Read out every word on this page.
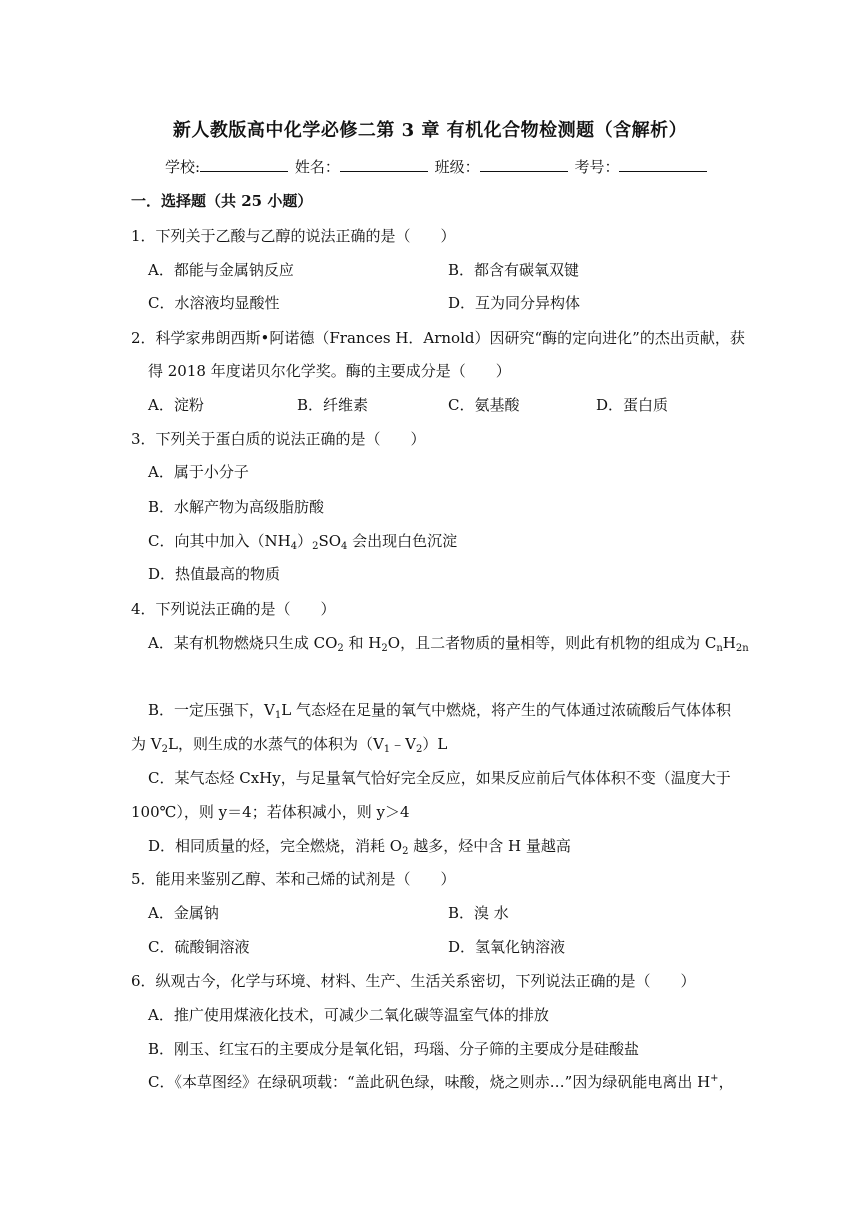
新人教版高中化学必修二第 3 章 有机化合物检测题（含解析）
学校:	姓名：	班级：	考号：
一．选择题（共 25 小题）
1．下列关于乙酸与乙醇的说法正确的是（　　）
A．都能与金属钠反应	B．都含有碳氧双键
C．水溶液均显酸性	D．互为同分异构体
2．科学家弗朗西斯•阿诺德（Frances H．Arnold）因研究“酶的定向进化”的杰出贡献，获
得 2018 年度诺贝尔化学奖。酶的主要成分是（　　）
A．淀粉	B．纤维素	C．氨基酸	D．蛋白质
3．下列关于蛋白质的说法正确的是（　　）
A．属于小分子
B．水解产物为高级脂肪酸
C．向其中加入$(NH_4)_2SO_4$ 会出现白色沉淀
D．热值最高的物质
4．下列说法正确的是（　　）
A．某有机物燃烧只生成 $CO_2$ 和 $H_2O$，且二者物质的量相等，则此有机物的组成为 $C_nH_{2n}$
B．一定压强下，$V_1L$ 气态烃在足量的氧气中燃烧，将产生的气体通过浓硫酸后气体体积
为 $V_2L$，则生成的水蒸气的体积为$(V_1﹣V_2)L$
C．某气态烃 CxHy，与足量氧气恰好完全反应，如果反应前后气体体积不变（温度大于
100℃），则 y＝4；若体积减小，则 y＞4
D．相同质量的烃，完全燃烧，消耗 $O_2$ 越多，烃中含 H 量越高
5．能用来鉴别乙醇、苯和己烯的试剂是（　　）
A．金属钠	B．溴 水
C．硫酸铜溶液	D．氢氧化钠溶液
6．纵观古今，化学与环境、材料、生产、生活关系密切，下列说法正确的是（　　）
A．推广使用煤液化技术，可减少二氧化碳等温室气体的排放
B．刚玉、红宝石的主要成分是氧化铝，玛瑙、分子筛的主要成分是硅酸盐
C．《本草图经》在绿矾项载：“盖此矾色绿，味酸，烧之则赤…”因为绿矾能电离出 H+，
